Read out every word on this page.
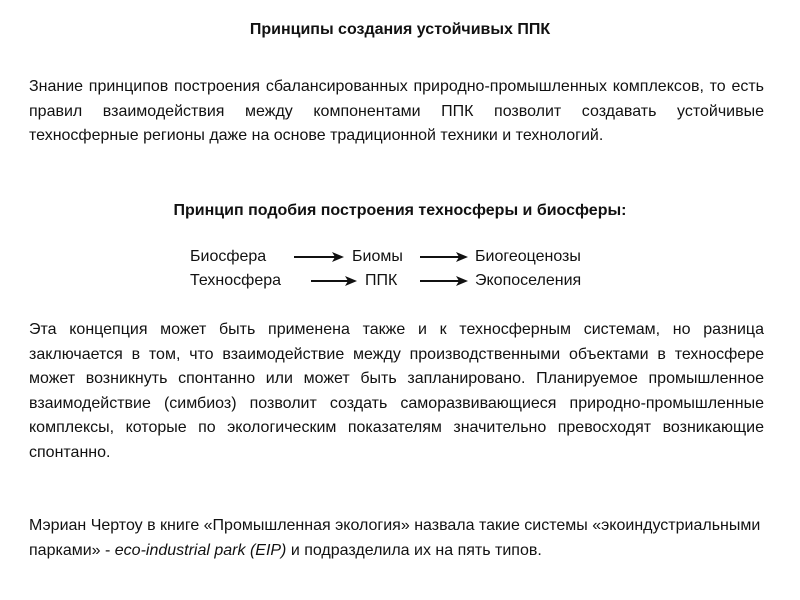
Принципы создания устойчивых ППК

Знание принципов построения сбалансированных природно-промышленных комплексов, то есть правил взаимодействия между компонентами ППК позволит создавать устойчивые техносферные регионы даже на основе традиционной техники и технологий.

Принцип подобия построения техносферы и биосферы:
Биосфера	Биомы	Биогеоценозы
Техносфера	ППК	Экопоселения

Эта концепция может быть применена также и к техносферным системам, но разница заключается в том, что взаимодействие между производственными объектами в техносфере может возникнуть спонтанно или может быть запланировано. Планируемое промышленное взаимодействие (симбиоз) позволит создать саморазвивающиеся природно-промышленные комплексы, которые по экологическим показателям значительно превосходят возникающие спонтанно.

Мэриан Чертоу в книге «Промышленная экология» назвала такие системы «экоиндустриальными парками» - eco-industrial park (EIP) и подразделила их на пять типов.
